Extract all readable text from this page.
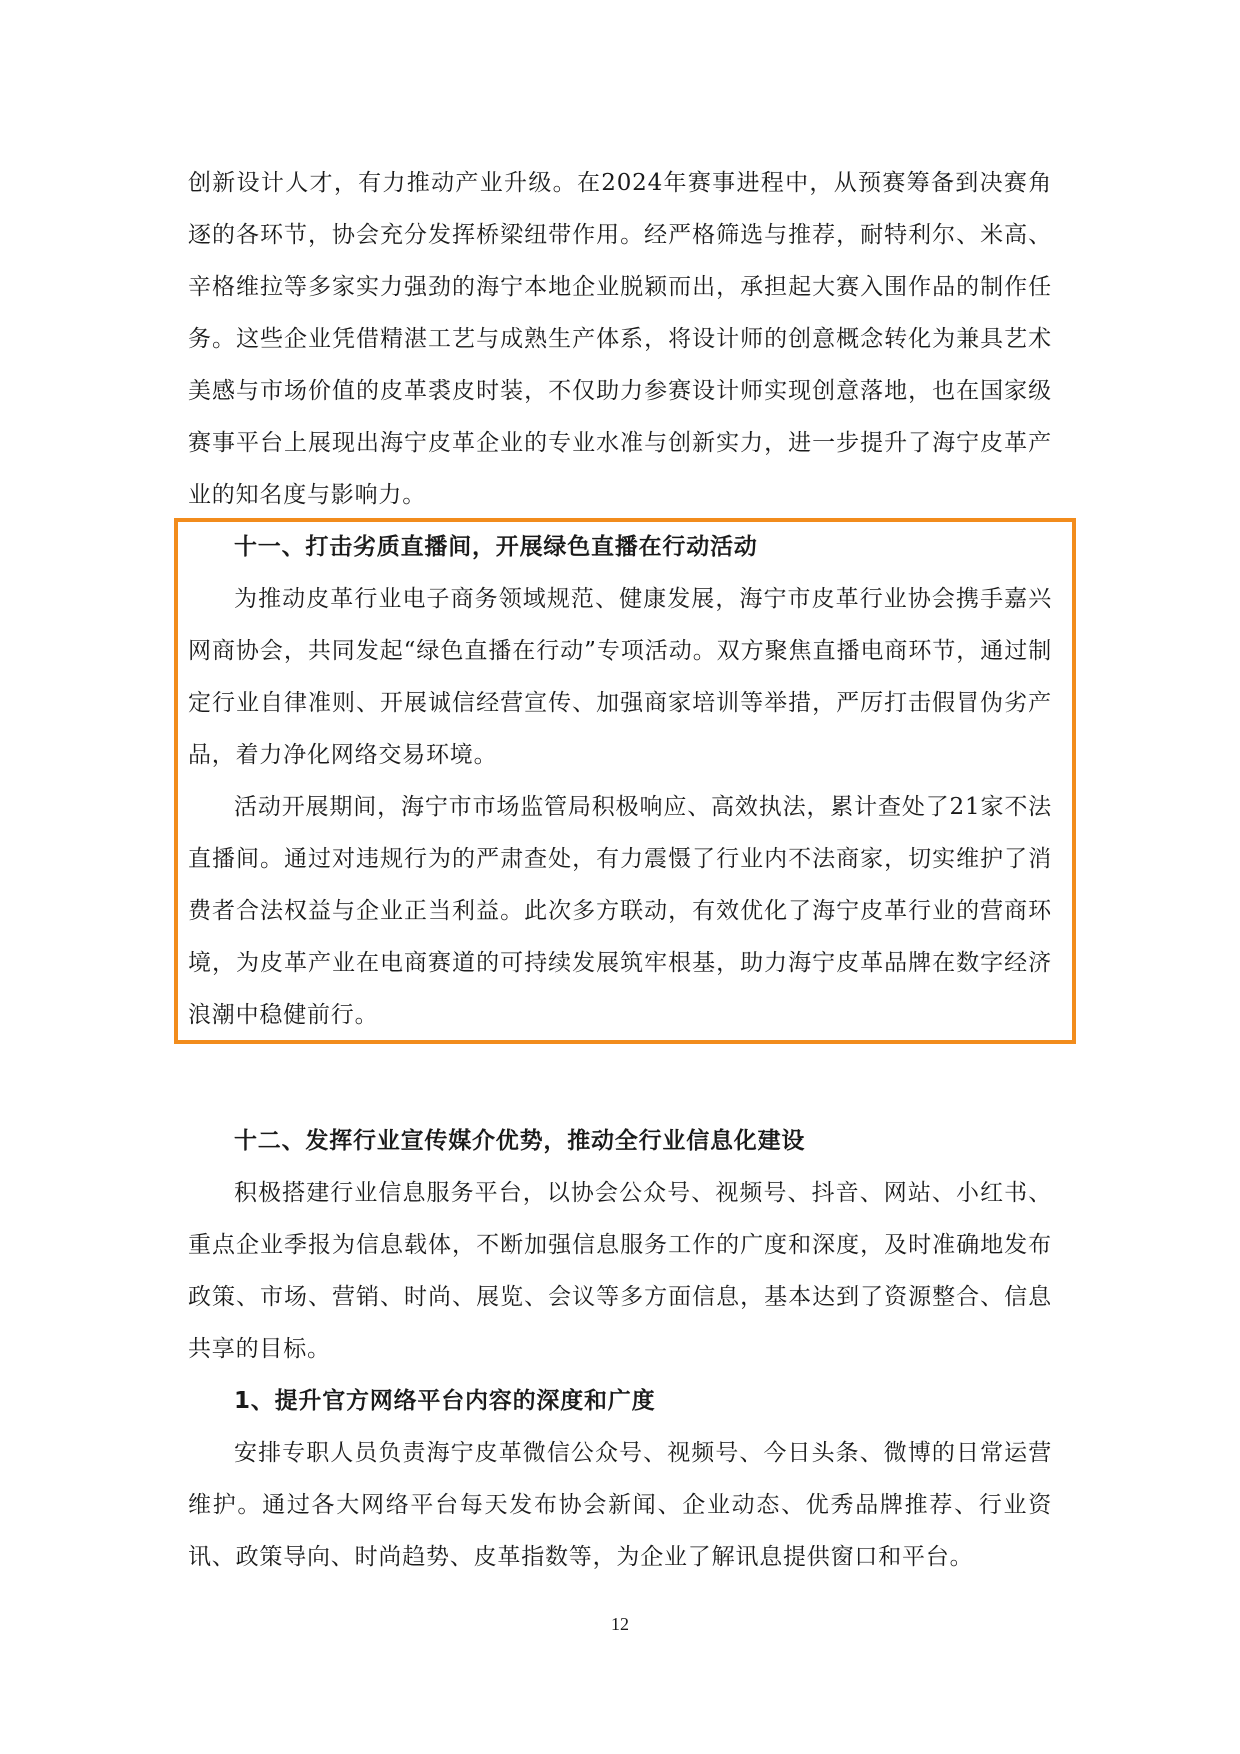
创新设计人才，有力推动产业升级。在2024年赛事进程中，从预赛筹备到决赛角逐的各环节，协会充分发挥桥梁纽带作用。经严格筛选与推荐，耐特利尔、米高、辛格维拉等多家实力强劲的海宁本地企业脱颖而出，承担起大赛入围作品的制作任务。这些企业凭借精湛工艺与成熟生产体系，将设计师的创意概念转化为兼具艺术美感与市场价值的皮革裘皮时装，不仅助力参赛设计师实现创意落地，也在国家级赛事平台上展现出海宁皮革企业的专业水准与创新实力，进一步提升了海宁皮革产业的知名度与影响力。

十一、打击劣质直播间，开展绿色直播在行动活动

为推动皮革行业电子商务领域规范、健康发展，海宁市皮革行业协会携手嘉兴网商协会，共同发起“绿色直播在行动”专项活动。双方聚焦直播电商环节，通过制定行业自律准则、开展诚信经营宣传、加强商家培训等举措，严厉打击假冒伪劣产品，着力净化网络交易环境。

活动开展期间，海宁市市场监管局积极响应、高效执法，累计查处了21家不法直播间。通过对违规行为的严肃查处，有力震慑了行业内不法商家，切实维护了消费者合法权益与企业正当利益。此次多方联动，有效优化了海宁皮革行业的营商环境，为皮革产业在电商赛道的可持续发展筑牢根基，助力海宁皮革品牌在数字经济浪潮中稳健前行。

十二、发挥行业宣传媒介优势，推动全行业信息化建设

积极搭建行业信息服务平台，以协会公众号、视频号、抖音、网站、小红书、重点企业季报为信息载体，不断加强信息服务工作的广度和深度，及时准确地发布政策、市场、营销、时尚、展览、会议等多方面信息，基本达到了资源整合、信息共享的目标。

1、提升官方网络平台内容的深度和广度

安排专职人员负责海宁皮革微信公众号、视频号、今日头条、微博的日常运营维护。通过各大网络平台每天发布协会新闻、企业动态、优秀品牌推荐、行业资讯、政策导向、时尚趋势、皮革指数等，为企业了解讯息提供窗口和平台。

12
